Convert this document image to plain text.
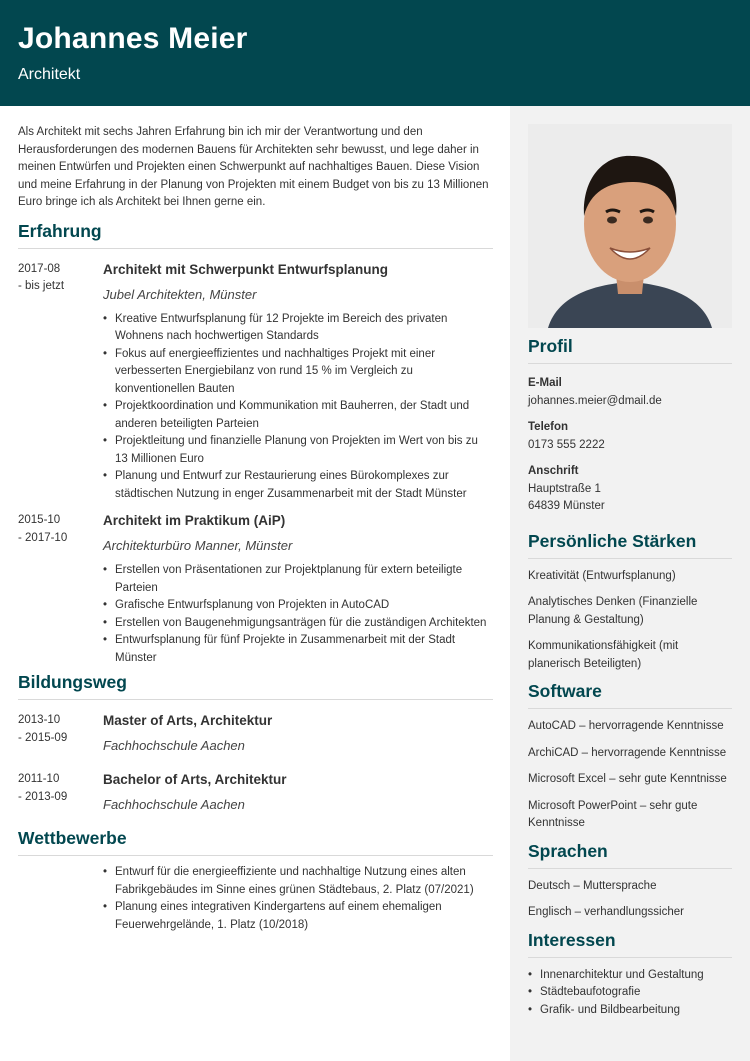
Johannes Meier
Architekt

Als Architekt mit sechs Jahren Erfahrung bin ich mir der Verantwortung und den Herausforderungen des modernen Bauens für Architekten sehr bewusst, und lege daher in meinen Entwürfen und Projekten einen Schwerpunkt auf nachhaltiges Bauen. Diese Vision und meine Erfahrung in der Planung von Projekten mit einem Budget von bis zu 13 Millionen Euro bringe ich als Architekt bei Ihnen gerne ein.

Erfahrung
2017-08
- bis jetzt
Architekt mit Schwerpunkt Entwurfsplanung
Jubel Architekten, Münster
• Kreative Entwurfsplanung für 12 Projekte im Bereich des privaten Wohnens nach hochwertigen Standards
• Fokus auf energieeffizientes und nachhaltiges Projekt mit einer verbesserten Energiebilanz von rund 15 % im Vergleich zu konventionellen Bauten
• Projektkoordination und Kommunikation mit Bauherren, der Stadt und anderen beteiligten Parteien
• Projektleitung und finanzielle Planung von Projekten im Wert von bis zu 13 Millionen Euro
• Planung und Entwurf zur Restaurierung eines Bürokomplexes zur städtischen Nutzung in enger Zusammenarbeit mit der Stadt Münster
2015-10
- 2017-10
Architekt im Praktikum (AiP)
Architekturbüro Manner, Münster
• Erstellen von Präsentationen zur Projektplanung für extern beteiligte Parteien
• Grafische Entwurfsplanung von Projekten in AutoCAD
• Erstellen von Baugenehmigungsanträgen für die zuständigen Architekten
• Entwurfsplanung für fünf Projekte in Zusammenarbeit mit der Stadt Münster
Bildungsweg
2013-10
- 2015-09
Master of Arts, Architektur
Fachhochschule Aachen
2011-10
- 2013-09
Bachelor of Arts, Architektur
Fachhochschule Aachen
Wettbewerbe
• Entwurf für die energieeffiziente und nachhaltige Nutzung eines alten Fabrikgebäudes im Sinne eines grünen Städtebaus, 2. Platz (07/2021)
• Planung eines integrativen Kindergartens auf einem ehemaligen Feuerwehrgelände, 1. Platz (10/2018)
Profil
E-Mail
johannes.meier@dmail.de
Telefon
0173 555 2222
Anschrift
Hauptstraße 1
64839 Münster
Persönliche Stärken
Kreativität (Entwurfsplanung)
Analytisches Denken (Finanzielle Planung & Gestaltung)
Kommunikationsfähigkeit (mit planerisch Beteiligten)
Software
AutoCAD – hervorragende Kenntnisse
ArchiCAD – hervorragende Kenntnisse
Microsoft Excel – sehr gute Kenntnisse
Microsoft PowerPoint – sehr gute Kenntnisse
Sprachen
Deutsch – Muttersprache
Englisch – verhandlungssicher
Interessen
• Innenarchitektur und Gestaltung
• Städtebaufotografie
• Grafik- und Bildbearbeitung
